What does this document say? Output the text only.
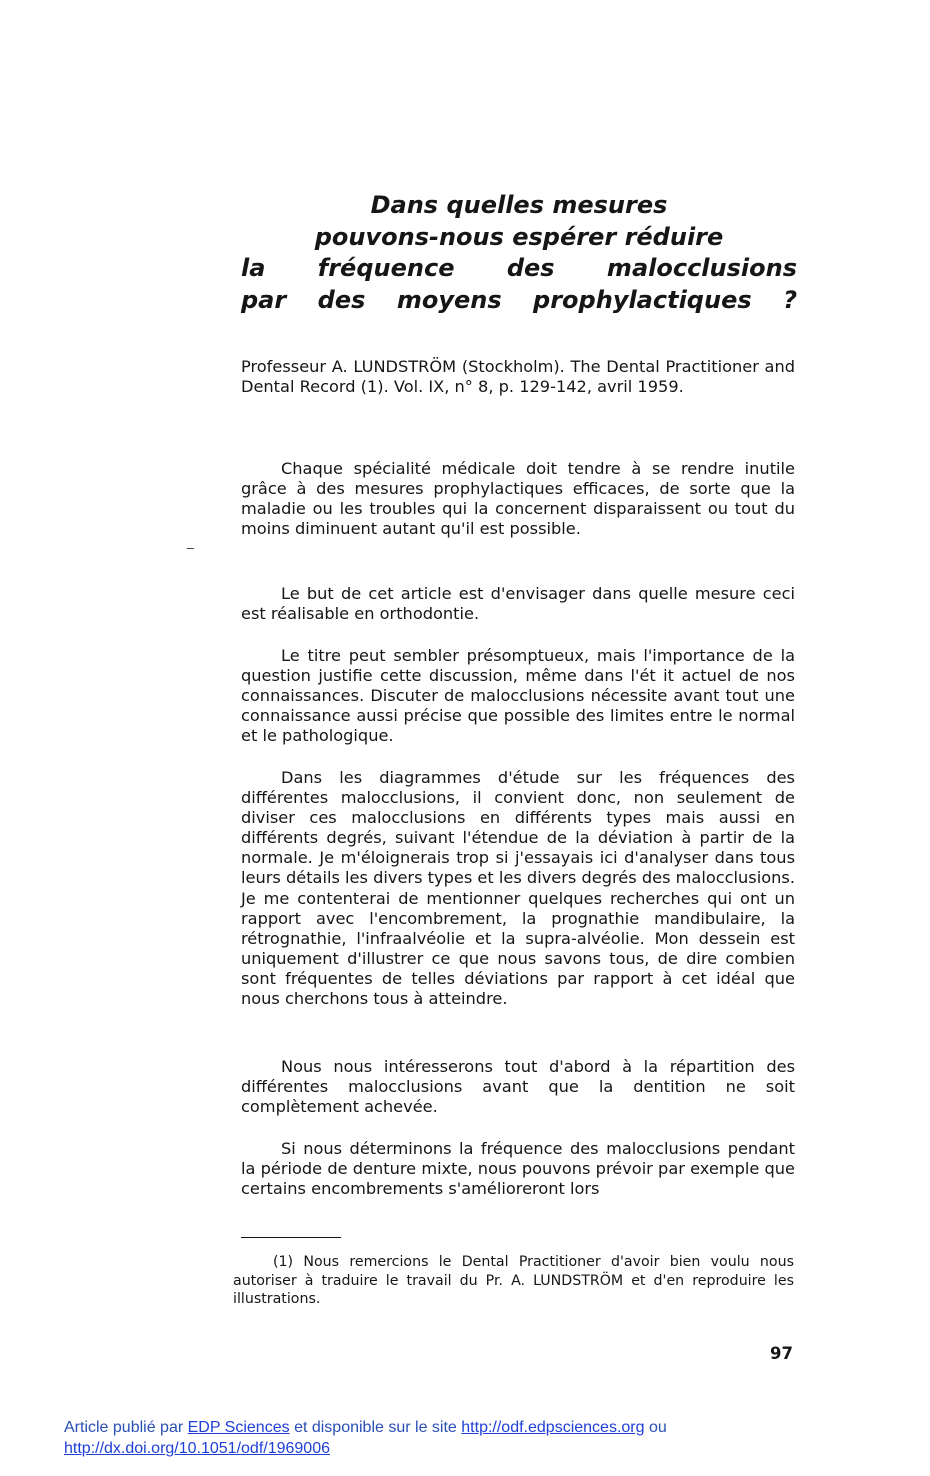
Dans quelles mesures
pouvons-nous espérer réduire
la fréquence des malocclusions
par des moyens prophylactiques ?

Professeur A. LUNDSTRÖM (Stockholm). The Dental Practitioner and Dental Record (1). Vol. IX, n° 8, p. 129-142, avril 1959.

Chaque spécialité médicale doit tendre à se rendre inutile grâce à des mesures prophylactiques efficaces, de sorte que la maladie ou les troubles qui la concernent disparaissent ou tout du moins diminuent autant qu'il est possible.

Le but de cet article est d'envisager dans quelle mesure ceci est réalisable en orthodontie.

Le titre peut sembler présomptueux, mais l'importance de la question justifie cette discussion, même dans l'ét it actuel de nos connaissances. Discuter de malocclusions nécessite avant tout une connaissance aussi précise que possible des limites entre le normal et le pathologique.

Dans les diagrammes d'étude sur les fréquences des différentes malocclusions, il convient donc, non seulement de diviser ces malocclusions en différents types mais aussi en différents degrés, suivant l'étendue de la déviation à partir de la normale. Je m'éloignerais trop si j'essayais ici d'analyser dans tous leurs détails les divers types et les divers degrés des malocclusions. Je me contenterai de mentionner quelques recherches qui ont un rapport avec l'encombrement, la prognathie mandibulaire, la rétrognathie, l'infraalvéolie et la supra-alvéolie. Mon dessein est uniquement d'illustrer ce que nous savons tous, de dire combien sont fréquentes de telles déviations par rapport à cet idéal que nous cherchons tous à atteindre.

Nous nous intéresserons tout d'abord à la répartition des différentes malocclusions avant que la dentition ne soit complètement achevée.

Si nous déterminons la fréquence des malocclusions pendant la période de denture mixte, nous pouvons prévoir par exemple que certains encombrements s'amélioreront lors

(1) Nous remercions le Dental Practitioner d'avoir bien voulu nous autoriser à traduire le travail du Pr. A. LUNDSTRÖM et d'en reproduire les illustrations.

97

Article publié par EDP Sciences et disponible sur le site http://odf.edpsciences.org ou
http://dx.doi.org/10.1051/odf/1969006
